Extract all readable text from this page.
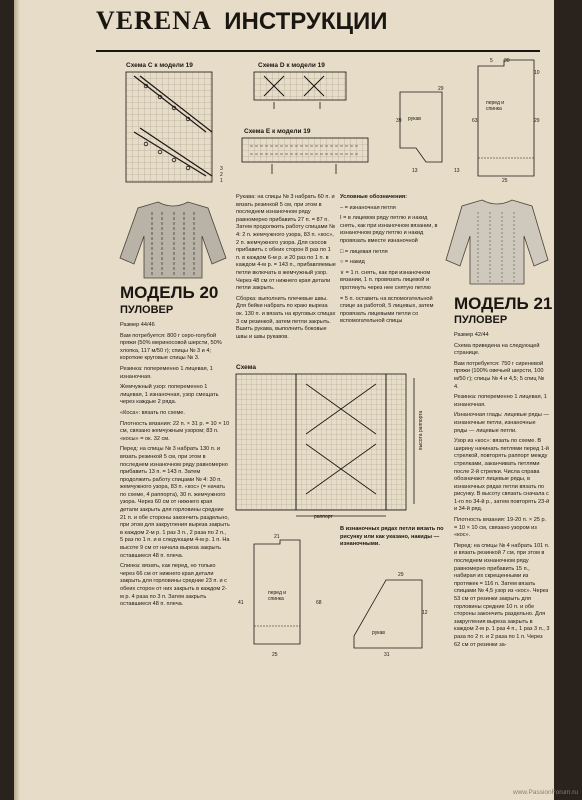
VERENA ИНСТРУКЦИИ
Схема C к модели 19
3
2
1
Схема D к модели 19
Схема E к модели 19
рукав
перед и спинка
29
39	63
13
25
13
29
30
10
5
МОДЕЛЬ 20
ПУЛОВЕР

Размер 44/46

Вам потребуется: 800 г серо-голубой пряжи (50% мериносовой шерсти, 50% хлопка, 117 м/50 г); спицы № 3 и 4; короткие круговые спицы № 3.

Резинка: попеременно 1 лицевая, 1 изнаночная.

Жемчужный узор: попеременно 1 лицевая, 1 изнаночная, узор смещать через каждые 2 ряда.

«Коса»: вязать по схеме.

Плотность вязания: 22 п. × 31 р. = 10 × 10 см, связано жемчужным узором; 83 п. «косы» = ок. 32 см.

Перед: на спицы № 3 набрать 130 п. и вязать резинкой 5 см, при этом в последнем изнаночном ряду равномерно прибавить 13 п. = 143 п. Затем продолжить работу спицами № 4: 30 п. жемчужного узора, 83 п. «кос» (= начать по схеме, 4 раппорта), 30 п. жемчужного узора. Через 60 см от нижнего края детали закрыть для горловины средние 21 п. и обе стороны закончить раздельно, при этом для закругления выреза закрыть в каждом 2-м р. 1 раз 3 п., 2 раза по 2 п., 5 раз по 1 п. и в следующем 4-м р. 1 п. На высоте 9 см от начала выреза закрыть оставшиеся 48 п. плеча.

Спинка: вязать, как перед, но только через 66 см от нижнего края детали закрыть для горловины средние 23 п. и с обеих сторон от них закрыть в каждом 2-м р. 4 раза по 3 п. Затем закрыть оставшиеся 48 п. плеча.

Рукава: на спицы № 3 набрать 60 п. и вязать резинкой 5 см, при этом в последнем изнаночном ряду равномерно прибавить 27 п. = 87 п. Затем продолжить работу спицами № 4: 2 п. жемчужного узора, 83 п. «кос», 2 п. жемчужного узора. Для скосов прибавить с обеих сторон 8 раз по 1 п. в каждом 6-м р. и 20 раз по 1 п. в каждом 4-м р. = 143 п., прибавляемые петли включать в жемчужный узор. Через 48 см от нижнего края детали петли закрыть.

Сборка: выполнить плечевые швы. Для бейки набрать по краю выреза ок. 130 п. и вязать на круговых спицах 3 см резинкой, затем петли закрыть. Вшить рукава, выполнить боковые швы и швы рукавов.

Условные обозначения:

– = изнаночная петля

I = в лицевом ряду петлю и накид снять, как при изнаночном вязании, в изнаночном ряду петлю и накид провязать вместе изнаночной

□ = лицевая петля

○ = накид

∨ = 1 п. снять, как при изнаночном вязании, 1 п. провязать лицевой и протянуть через нее снятую петлю

= 5 п. оставить на вспомогательной спице за работой, 5 лицевых, затем провязать лицевыми петли со вспомогательной спицы

МОДЕЛЬ 21
ПУЛОВЕР

Размер 42/44

Схема приведена на следующей странице.

Вам потребуется: 750 г сиреневой пряжи (100% овечьей шерсти, 100 м/50 г); спицы № 4 и 4,5; 5 спиц № 4.

Резинка: попеременно 1 лицевая, 1 изнаночная.

Изнаночная гладь: лицевые ряды — изнаночные петли, изнаночные ряды — лицевые петли.

Узор из «кос»: вязать по схеме. В ширину начинать петлями перед 1-й стрелкой, повторять раппорт между стрелками, заканчивать петлями после 2-й стрелки. Числа справа обозначают лицевые ряды, в изнаночных рядах петли вязать по рисунку. В высоту связать сначала с 1-го по 34-й р., затем повторять 23-й и 34-й ряд.

Плотность вязания: 19-20 п. × 25 р. = 10 × 10 см, связано узором из «кос».

Перед: на спицы № 4 набрать 101 п. и вязать резинкой 7 см, при этом в последнем изнаночном ряду равномерно прибавить 15 п., набирая их скрещенными из протяжек = 116 п. Затем вязать спицами № 4,5 узор из «кос». Через 53 см от резинки закрыть для горловины средние 10 п. и обе стороны закончить раздельно. Для закругления выреза закрыть в каждом 2-м р. 1 раз 4 п., 1 раз 3 п., 3 раза по 2 п. и 2 раза по 1 п. Через 62 см от резинки за-

Схема
раппорт
высота раппорта
В изнаночных рядах петли вязать по рисунку или как указано, накиды — изнаночными.
перед и спинка
рукав
21
41	68
25
29
31
12
www.PassionForum.ru
